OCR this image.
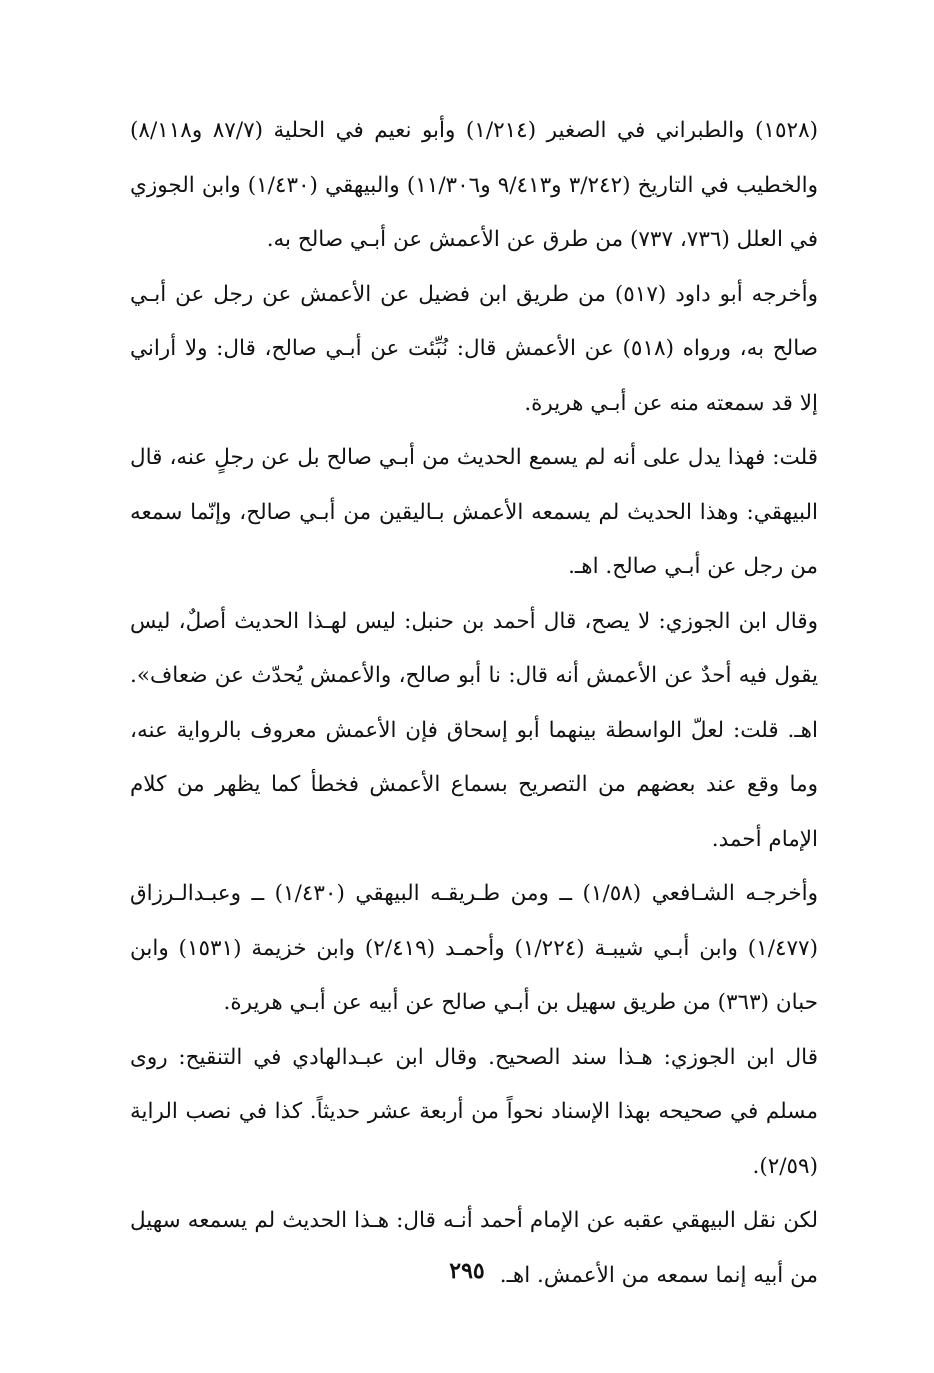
(١٥٢٨) والطبراني في الصغير (١/٢١٤) وأبو نعيم في الحلية (٨٧/٧ و٨/١١٨) والخطيب في التاريخ (٣/٢٤٢ و٩/٤١٣ و١١/٣٠٦) والبيهقي (١/٤٣٠) وابن الجوزي في العلل (٧٣٦، ٧٣٧) من طرق عن الأعمش عن أبـي صالح به.

وأخرجه أبو داود (٥١٧) من طريق ابن فضيل عن الأعمش عن رجل عن أبـي صالح به، ورواه (٥١٨) عن الأعمش قال: نُبِّئت عن أبـي صالح، قال: ولا أراني إلا قد سمعته منه عن أبـي هريرة.

قلت: فهذا يدل على أنه لم يسمع الحديث من أبـي صالح بل عن رجلٍ عنه، قال البيهقي: وهذا الحديث لم يسمعه الأعمش بـاليقين من أبـي صالح، وإنّما سمعه من رجل عن أبـي صالح. اهـ.

وقال ابن الجوزي: لا يصح، قال أحمد بن حنبل: ليس لهـذا الحديث أصلٌ، ليس يقول فيه أحدٌ عن الأعمش أنه قال: نا أبو صالح، والأعمش يُحدّث عن ضعاف». اهـ. قلت: لعلّ الواسطة بينهما أبو إسحاق فإن الأعمش معروف بالرواية عنه، وما وقع عند بعضهم من التصريح بسماع الأعمش فخطأ كما يظهر من كلام الإمام أحمد.

وأخرجـه الشـافعي (١/٥٨) ــ ومن طـريقـه البيهقي (١/٤٣٠) ــ وعبـدالـرزاق (١/٤٧٧) وابن أبـي شيبـة (١/٢٢٤) وأحمـد (٢/٤١٩) وابن خزيمة (١٥٣١) وابن حبان (٣٦٣) من طريق سهيل بن أبـي صالح عن أبيه عن أبـي هريرة.

قال ابن الجوزي: هـذا سند الصحيح. وقال ابن عبـدالهادي في التنقيح: روى مسلم في صحيحه بهذا الإسناد نحواً من أربعة عشر حديثاً. كذا في نصب الراية (٢/٥٩).

لكن نقل البيهقي عقبه عن الإمام أحمد أنـه قال: هـذا الحديث لم يسمعه سهيل من أبيه إنما سمعه من الأعمش. اهـ.

٢٩٥
